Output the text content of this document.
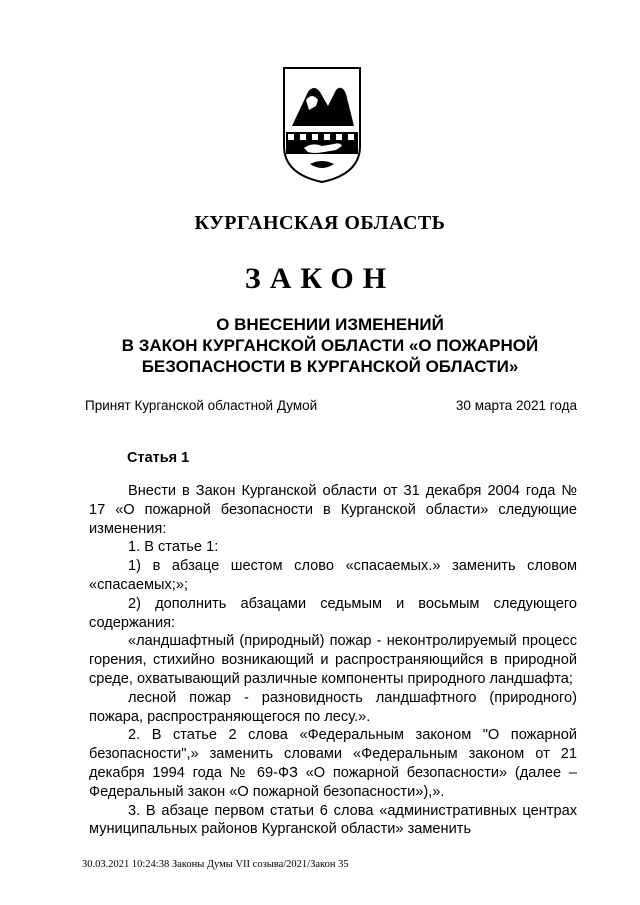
КУРГАНСКАЯ ОБЛАСТЬ
ЗАКОН
О ВНЕСЕНИИ ИЗМЕНЕНИЙ
В ЗАКОН КУРГАНСКОЙ ОБЛАСТИ «О ПОЖАРНОЙ
БЕЗОПАСНОСТИ В КУРГАНСКОЙ ОБЛАСТИ»
Принят Курганской областной Думой	30 марта 2021 года
Статья 1

Внести в Закон Курганской области от 31 декабря 2004 года № 17 «О пожарной безопасности в Курганской области» следующие изменения:

1. В статье 1:

1) в абзаце шестом слово «спасаемых.» заменить словом «спасаемых;»;

2) дополнить абзацами седьмым и восьмым следующего содержания:

«ландшафтный (природный) пожар - неконтролируемый процесс горения, стихийно возникающий и распространяющийся в природной среде, охватывающий различные компоненты природного ландшафта;

лесной пожар - разновидность ландшафтного (природного) пожара, распространяющегося по лесу.».

2. В статье 2 слова «Федеральным законом "О пожарной безопасности",» заменить словами «Федеральным законом от 21 декабря 1994 года № 69-ФЗ «О пожарной безопасности» (далее – Федеральный закон «О пожарной безопасности»),».

3. В абзаце первом статьи 6 слова «административных центрах муниципальных районов Курганской области» заменить

30.03.2021 10:24:38 Законы Думы VII созыва/2021/Закон 35
